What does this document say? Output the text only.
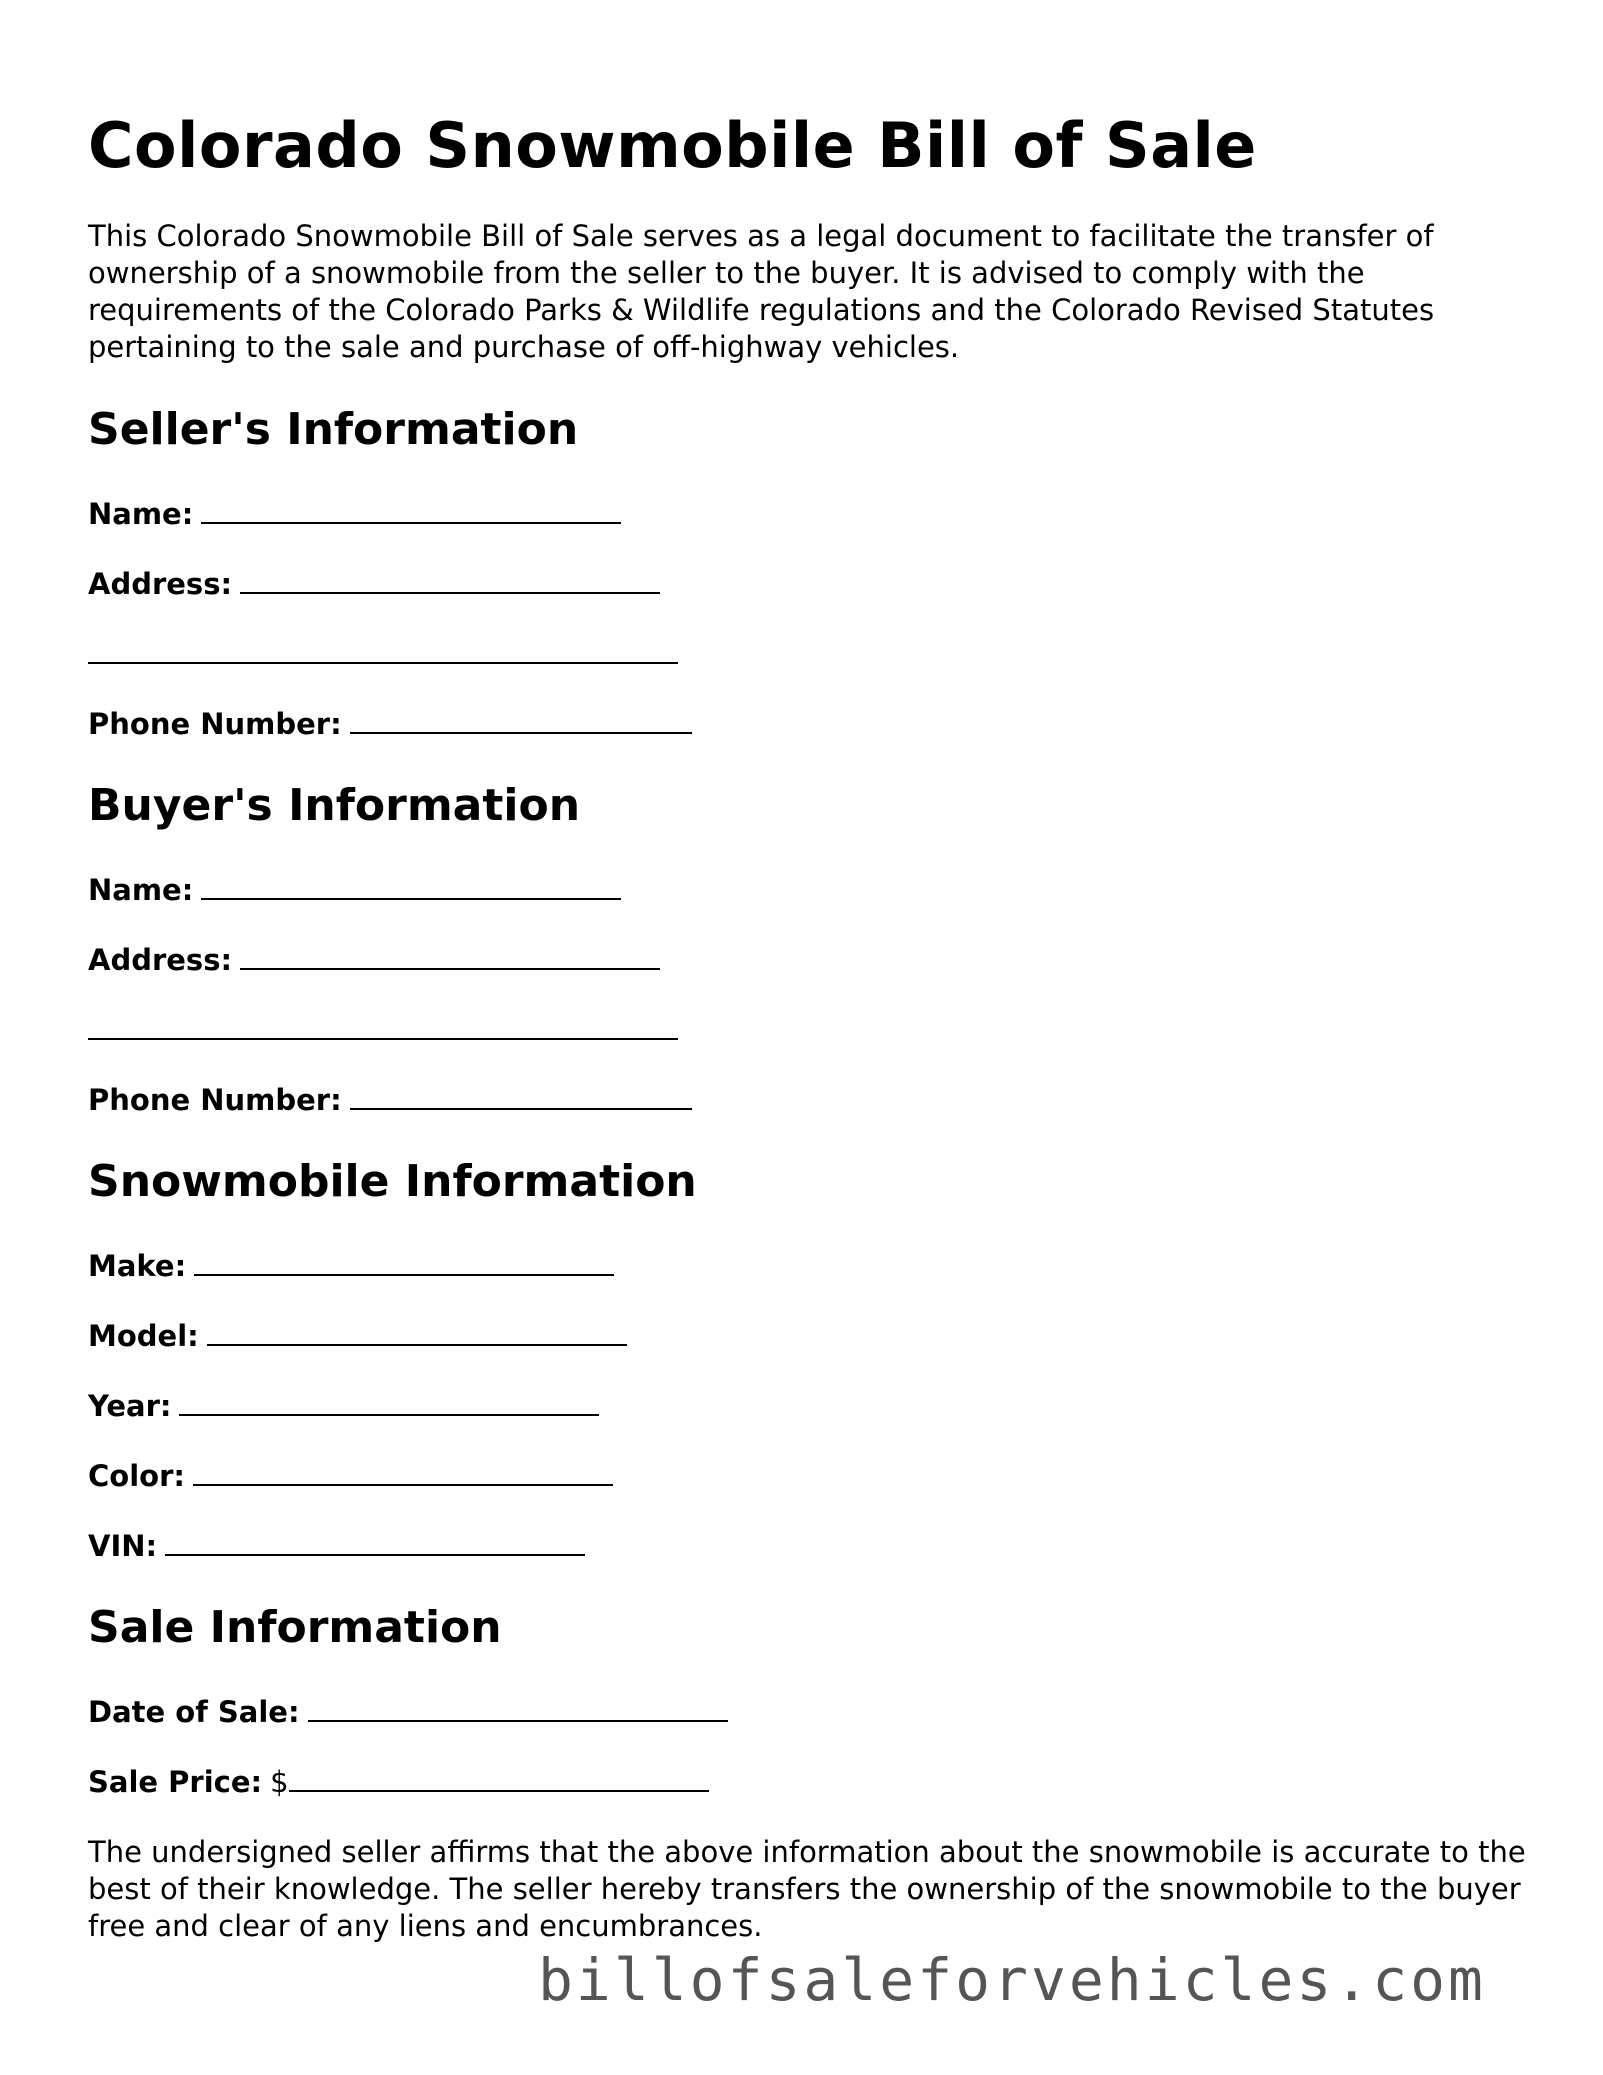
Colorado Snowmobile Bill of Sale

This Colorado Snowmobile Bill of Sale serves as a legal document to facilitate the transfer of ownership of a snowmobile from the seller to the buyer. It is advised to comply with the requirements of the Colorado Parks & Wildlife regulations and the Colorado Revised Statutes pertaining to the sale and purchase of off-highway vehicles.

Seller's Information
Name:
Address:
Phone Number:
Buyer's Information
Name:
Address:
Phone Number:
Snowmobile Information
Make:
Model:
Year:
Color:
VIN:
Sale Information
Date of Sale:
Sale Price: $

The undersigned seller affirms that the above information about the snowmobile is accurate to the best of their knowledge. The seller hereby transfers the ownership of the snowmobile to the buyer free and clear of any liens and encumbrances.

billofsaleforvehicles.com
